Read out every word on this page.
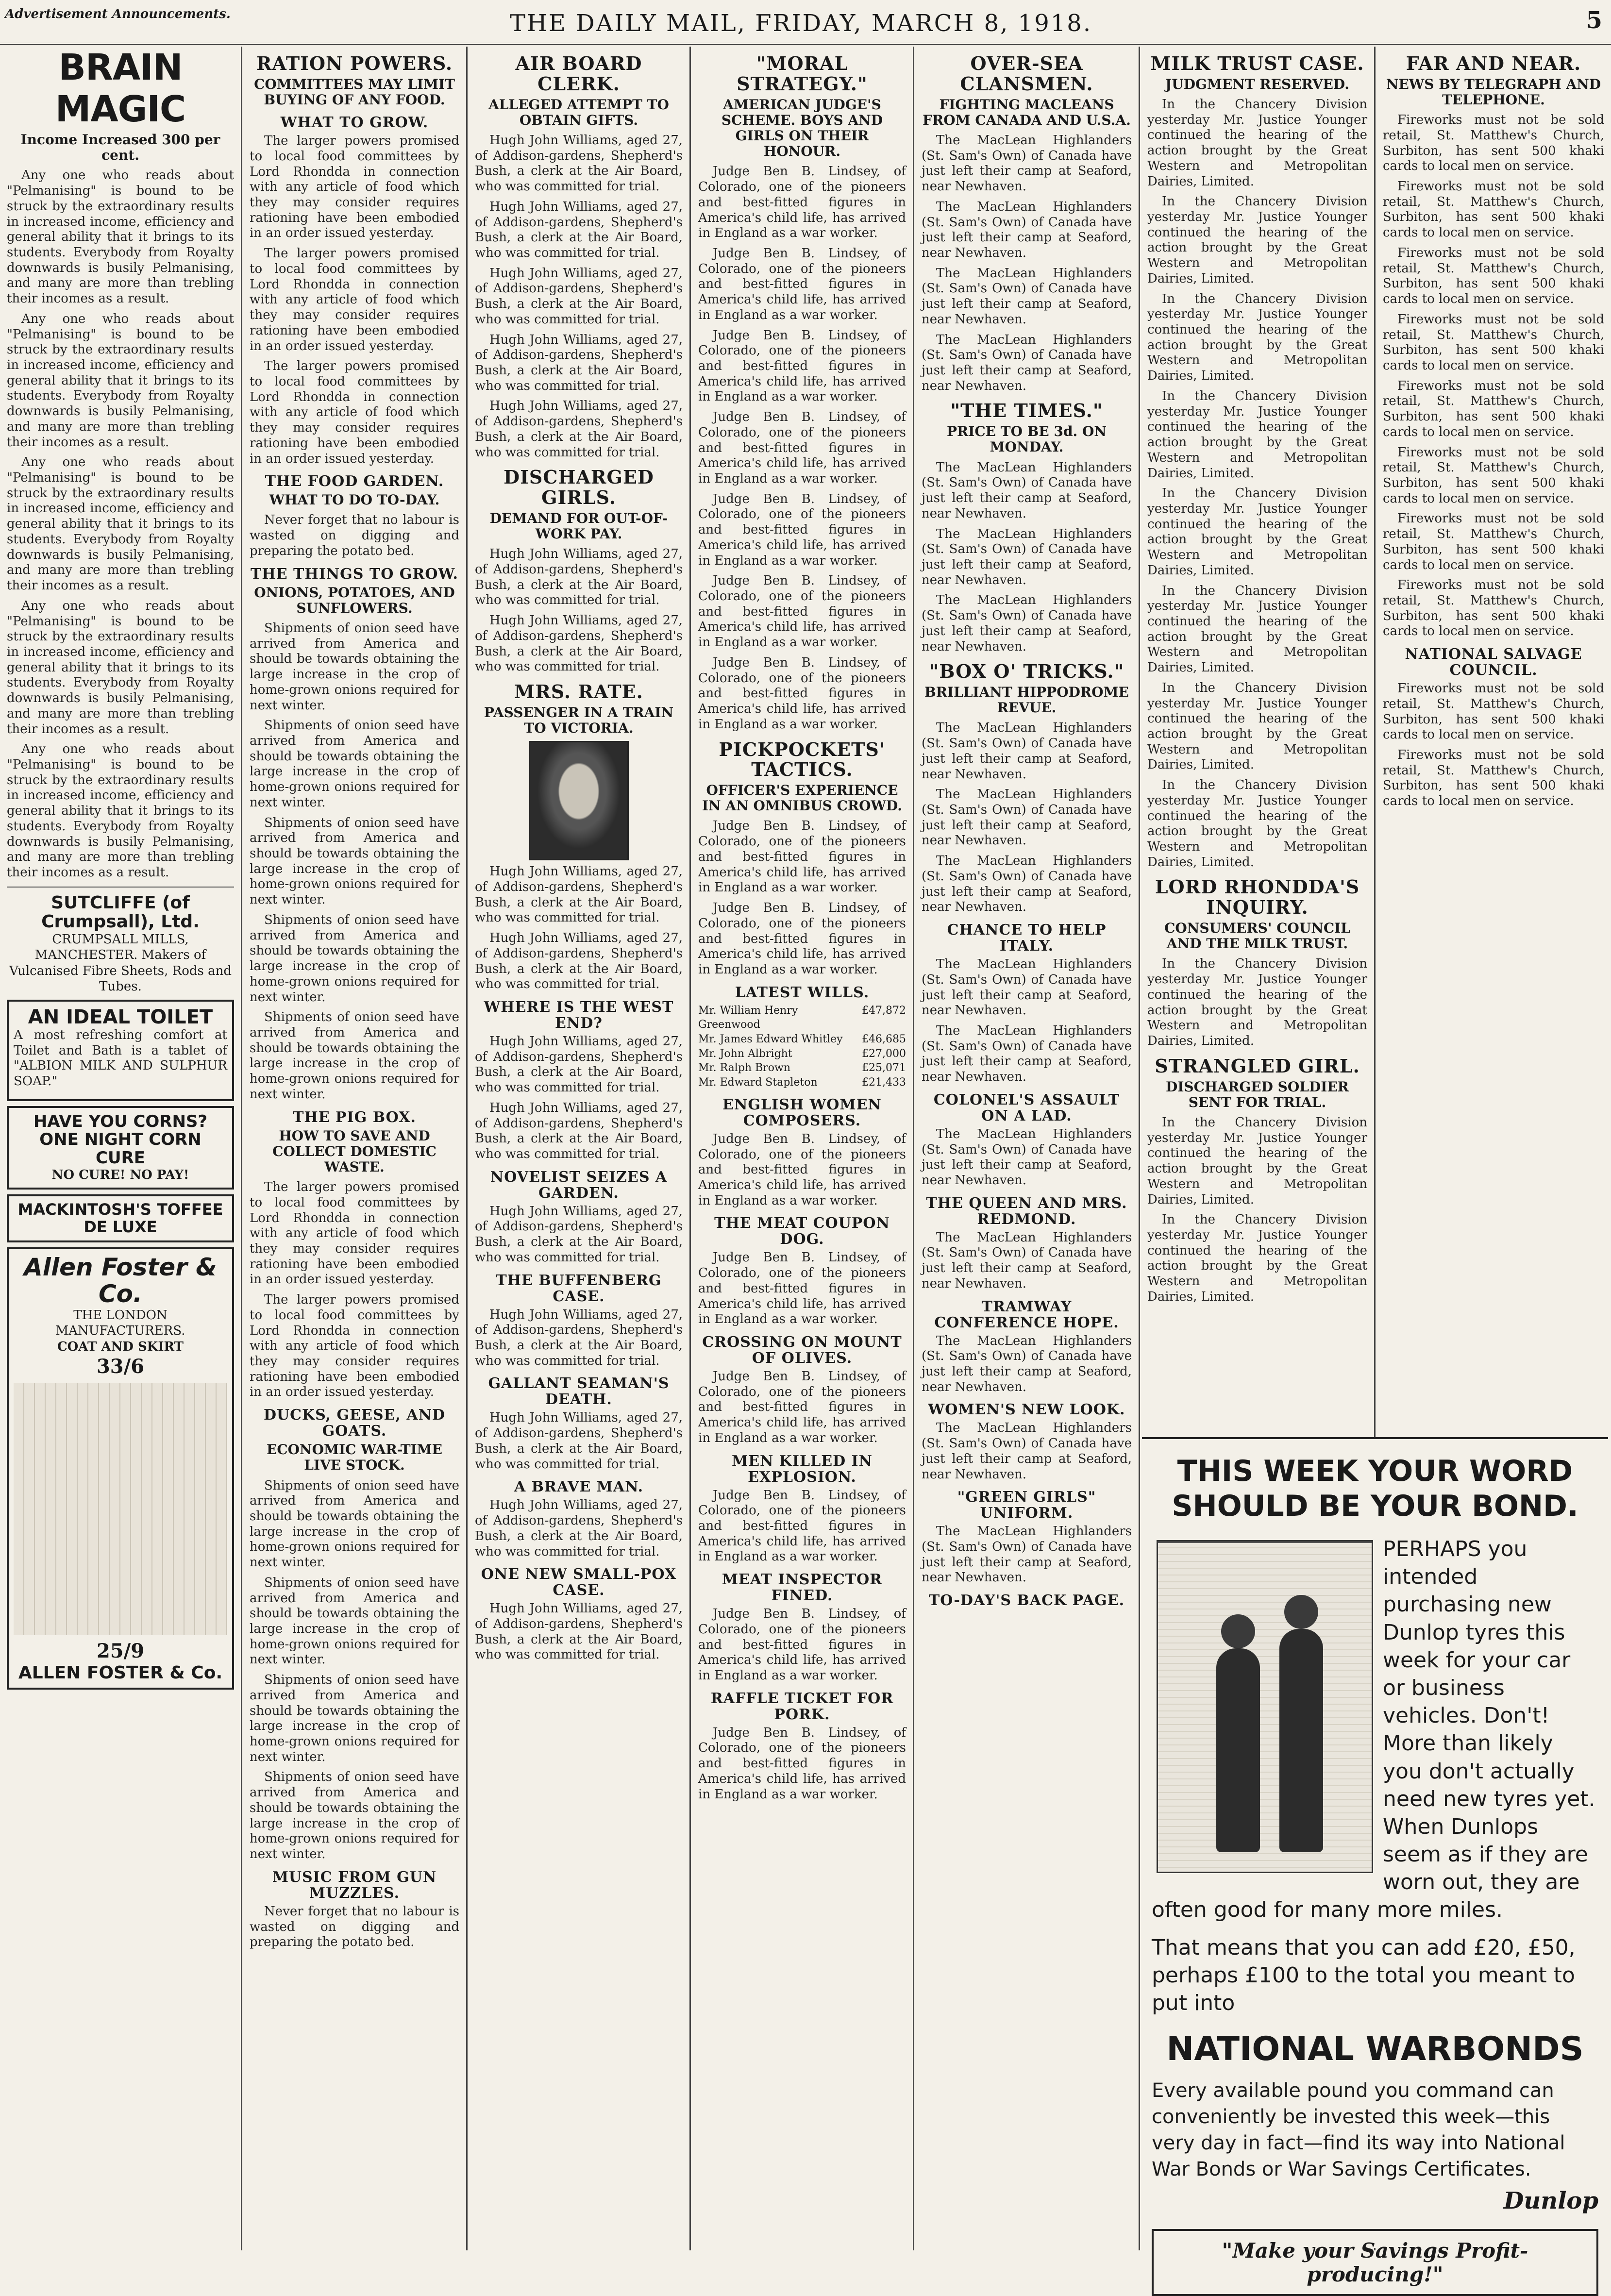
Advertisement Announcements.	THE DAILY MAIL, FRIDAY, MARCH 8, 1918.	5
BRAIN MAGIC
Income Increased 300 per cent.

Any one who reads about "Pelmanising" is bound to be struck by the extraordinary results in increased income, efficiency and general ability that it brings to its students. Everybody from Royalty downwards is busily Pelmanising, and many are more than trebling their incomes as a result.

Any one who reads about "Pelmanising" is bound to be struck by the extraordinary results in increased income, efficiency and general ability that it brings to its students. Everybody from Royalty downwards is busily Pelmanising, and many are more than trebling their incomes as a result.

Any one who reads about "Pelmanising" is bound to be struck by the extraordinary results in increased income, efficiency and general ability that it brings to its students. Everybody from Royalty downwards is busily Pelmanising, and many are more than trebling their incomes as a result.

Any one who reads about "Pelmanising" is bound to be struck by the extraordinary results in increased income, efficiency and general ability that it brings to its students. Everybody from Royalty downwards is busily Pelmanising, and many are more than trebling their incomes as a result.

Any one who reads about "Pelmanising" is bound to be struck by the extraordinary results in increased income, efficiency and general ability that it brings to its students. Everybody from Royalty downwards is busily Pelmanising, and many are more than trebling their incomes as a result.

SUTCLIFFE (of Crumpsall), Ltd.
CRUMPSALL MILLS, MANCHESTER. Makers of Vulcanised Fibre Sheets, Rods and Tubes.
AN IDEAL TOILET

A most refreshing comfort at Toilet and Bath is a tablet of "ALBION MILK AND SULPHUR SOAP."

HAVE YOU CORNS? ONE NIGHT CORN CURE
NO CURE! NO PAY!
MACKINTOSH'S TOFFEE DE LUXE
Allen Foster & Co.
THE LONDON MANUFACTURERS.
COAT AND SKIRT
33/6
25/9
ALLEN FOSTER & Co.
RATION POWERS.
COMMITTEES MAY LIMIT BUYING OF ANY FOOD.
WHAT TO GROW.

The larger powers promised to local food committees by Lord Rhondda in connection with any article of food which they may consider requires rationing have been embodied in an order issued yesterday.

The larger powers promised to local food committees by Lord Rhondda in connection with any article of food which they may consider requires rationing have been embodied in an order issued yesterday.

The larger powers promised to local food committees by Lord Rhondda in connection with any article of food which they may consider requires rationing have been embodied in an order issued yesterday.

THE FOOD GARDEN.
WHAT TO DO TO-DAY.

Never forget that no labour is wasted on digging and preparing the potato bed.

THE THINGS TO GROW.
ONIONS, POTATOES, AND SUNFLOWERS.

Shipments of onion seed have arrived from America and should be towards obtaining the large increase in the crop of home-grown onions required for next winter.

Shipments of onion seed have arrived from America and should be towards obtaining the large increase in the crop of home-grown onions required for next winter.

Shipments of onion seed have arrived from America and should be towards obtaining the large increase in the crop of home-grown onions required for next winter.

Shipments of onion seed have arrived from America and should be towards obtaining the large increase in the crop of home-grown onions required for next winter.

Shipments of onion seed have arrived from America and should be towards obtaining the large increase in the crop of home-grown onions required for next winter.

THE PIG BOX.
HOW TO SAVE AND COLLECT DOMESTIC WASTE.

The larger powers promised to local food committees by Lord Rhondda in connection with any article of food which they may consider requires rationing have been embodied in an order issued yesterday.

The larger powers promised to local food committees by Lord Rhondda in connection with any article of food which they may consider requires rationing have been embodied in an order issued yesterday.

DUCKS, GEESE, AND GOATS.
ECONOMIC WAR-TIME LIVE STOCK.

Shipments of onion seed have arrived from America and should be towards obtaining the large increase in the crop of home-grown onions required for next winter.

Shipments of onion seed have arrived from America and should be towards obtaining the large increase in the crop of home-grown onions required for next winter.

Shipments of onion seed have arrived from America and should be towards obtaining the large increase in the crop of home-grown onions required for next winter.

Shipments of onion seed have arrived from America and should be towards obtaining the large increase in the crop of home-grown onions required for next winter.

MUSIC FROM GUN MUZZLES.

Never forget that no labour is wasted on digging and preparing the potato bed.

AIR BOARD CLERK.
ALLEGED ATTEMPT TO OBTAIN GIFTS.

Hugh John Williams, aged 27, of Addison-gardens, Shepherd's Bush, a clerk at the Air Board, who was committed for trial.

Hugh John Williams, aged 27, of Addison-gardens, Shepherd's Bush, a clerk at the Air Board, who was committed for trial.

Hugh John Williams, aged 27, of Addison-gardens, Shepherd's Bush, a clerk at the Air Board, who was committed for trial.

Hugh John Williams, aged 27, of Addison-gardens, Shepherd's Bush, a clerk at the Air Board, who was committed for trial.

Hugh John Williams, aged 27, of Addison-gardens, Shepherd's Bush, a clerk at the Air Board, who was committed for trial.

DISCHARGED GIRLS.
DEMAND FOR OUT-OF-WORK PAY.

Hugh John Williams, aged 27, of Addison-gardens, Shepherd's Bush, a clerk at the Air Board, who was committed for trial.

Hugh John Williams, aged 27, of Addison-gardens, Shepherd's Bush, a clerk at the Air Board, who was committed for trial.

MRS. RATE.
PASSENGER IN A TRAIN TO VICTORIA.

Hugh John Williams, aged 27, of Addison-gardens, Shepherd's Bush, a clerk at the Air Board, who was committed for trial.

Hugh John Williams, aged 27, of Addison-gardens, Shepherd's Bush, a clerk at the Air Board, who was committed for trial.

WHERE IS THE WEST END?

Hugh John Williams, aged 27, of Addison-gardens, Shepherd's Bush, a clerk at the Air Board, who was committed for trial.

Hugh John Williams, aged 27, of Addison-gardens, Shepherd's Bush, a clerk at the Air Board, who was committed for trial.

NOVELIST SEIZES A GARDEN.

Hugh John Williams, aged 27, of Addison-gardens, Shepherd's Bush, a clerk at the Air Board, who was committed for trial.

THE BUFFENBERG CASE.

Hugh John Williams, aged 27, of Addison-gardens, Shepherd's Bush, a clerk at the Air Board, who was committed for trial.

GALLANT SEAMAN'S DEATH.

Hugh John Williams, aged 27, of Addison-gardens, Shepherd's Bush, a clerk at the Air Board, who was committed for trial.

A BRAVE MAN.

Hugh John Williams, aged 27, of Addison-gardens, Shepherd's Bush, a clerk at the Air Board, who was committed for trial.

ONE NEW SMALL-POX CASE.

Hugh John Williams, aged 27, of Addison-gardens, Shepherd's Bush, a clerk at the Air Board, who was committed for trial.

"MORAL STRATEGY."
AMERICAN JUDGE'S SCHEME. BOYS AND GIRLS ON THEIR HONOUR.

Judge Ben B. Lindsey, of Colorado, one of the pioneers and best-fitted figures in America's child life, has arrived in England as a war worker.

Judge Ben B. Lindsey, of Colorado, one of the pioneers and best-fitted figures in America's child life, has arrived in England as a war worker.

Judge Ben B. Lindsey, of Colorado, one of the pioneers and best-fitted figures in America's child life, has arrived in England as a war worker.

Judge Ben B. Lindsey, of Colorado, one of the pioneers and best-fitted figures in America's child life, has arrived in England as a war worker.

Judge Ben B. Lindsey, of Colorado, one of the pioneers and best-fitted figures in America's child life, has arrived in England as a war worker.

Judge Ben B. Lindsey, of Colorado, one of the pioneers and best-fitted figures in America's child life, has arrived in England as a war worker.

Judge Ben B. Lindsey, of Colorado, one of the pioneers and best-fitted figures in America's child life, has arrived in England as a war worker.

PICKPOCKETS' TACTICS.
OFFICER'S EXPERIENCE IN AN OMNIBUS CROWD.

Judge Ben B. Lindsey, of Colorado, one of the pioneers and best-fitted figures in America's child life, has arrived in England as a war worker.

Judge Ben B. Lindsey, of Colorado, one of the pioneers and best-fitted figures in America's child life, has arrived in England as a war worker.

LATEST WILLS.
Mr. William Henry Greenwood
£47,872
Mr. James Edward Whitley £46,685
Mr. John Albright	£27,000
Mr. Ralph Brown	£25,071
Mr. Edward Stapleton	£21,433
ENGLISH WOMEN COMPOSERS.

Judge Ben B. Lindsey, of Colorado, one of the pioneers and best-fitted figures in America's child life, has arrived in England as a war worker.

THE MEAT COUPON DOG.

Judge Ben B. Lindsey, of Colorado, one of the pioneers and best-fitted figures in America's child life, has arrived in England as a war worker.

CROSSING ON MOUNT OF OLIVES.

Judge Ben B. Lindsey, of Colorado, one of the pioneers and best-fitted figures in America's child life, has arrived in England as a war worker.

MEN KILLED IN EXPLOSION.

Judge Ben B. Lindsey, of Colorado, one of the pioneers and best-fitted figures in America's child life, has arrived in England as a war worker.

MEAT INSPECTOR FINED.

Judge Ben B. Lindsey, of Colorado, one of the pioneers and best-fitted figures in America's child life, has arrived in England as a war worker.

RAFFLE TICKET FOR PORK.

Judge Ben B. Lindsey, of Colorado, one of the pioneers and best-fitted figures in America's child life, has arrived in England as a war worker.

OVER-SEA CLANSMEN.
FIGHTING MACLEANS FROM CANADA AND U.S.A.

The MacLean Highlanders (St. Sam's Own) of Canada have just left their camp at Seaford, near Newhaven.

The MacLean Highlanders (St. Sam's Own) of Canada have just left their camp at Seaford, near Newhaven.

The MacLean Highlanders (St. Sam's Own) of Canada have just left their camp at Seaford, near Newhaven.

The MacLean Highlanders (St. Sam's Own) of Canada have just left their camp at Seaford, near Newhaven.

"THE TIMES."
PRICE TO BE 3d. ON MONDAY.

The MacLean Highlanders (St. Sam's Own) of Canada have just left their camp at Seaford, near Newhaven.

The MacLean Highlanders (St. Sam's Own) of Canada have just left their camp at Seaford, near Newhaven.

The MacLean Highlanders (St. Sam's Own) of Canada have just left their camp at Seaford, near Newhaven.

"BOX O' TRICKS."
BRILLIANT HIPPODROME REVUE.

The MacLean Highlanders (St. Sam's Own) of Canada have just left their camp at Seaford, near Newhaven.

The MacLean Highlanders (St. Sam's Own) of Canada have just left their camp at Seaford, near Newhaven.

The MacLean Highlanders (St. Sam's Own) of Canada have just left their camp at Seaford, near Newhaven.

CHANCE TO HELP ITALY.

The MacLean Highlanders (St. Sam's Own) of Canada have just left their camp at Seaford, near Newhaven.

The MacLean Highlanders (St. Sam's Own) of Canada have just left their camp at Seaford, near Newhaven.

COLONEL'S ASSAULT ON A LAD.

The MacLean Highlanders (St. Sam's Own) of Canada have just left their camp at Seaford, near Newhaven.

THE QUEEN AND MRS. REDMOND.

The MacLean Highlanders (St. Sam's Own) of Canada have just left their camp at Seaford, near Newhaven.

TRAMWAY CONFERENCE HOPE.

The MacLean Highlanders (St. Sam's Own) of Canada have just left their camp at Seaford, near Newhaven.

WOMEN'S NEW LOOK.

The MacLean Highlanders (St. Sam's Own) of Canada have just left their camp at Seaford, near Newhaven.

"GREEN GIRLS" UNIFORM.

The MacLean Highlanders (St. Sam's Own) of Canada have just left their camp at Seaford, near Newhaven.

TO-DAY'S BACK PAGE.
MILK TRUST CASE.
JUDGMENT RESERVED.

In the Chancery Division yesterday Mr. Justice Younger continued the hearing of the action brought by the Great Western and Metropolitan Dairies, Limited.

In the Chancery Division yesterday Mr. Justice Younger continued the hearing of the action brought by the Great Western and Metropolitan Dairies, Limited.

In the Chancery Division yesterday Mr. Justice Younger continued the hearing of the action brought by the Great Western and Metropolitan Dairies, Limited.

In the Chancery Division yesterday Mr. Justice Younger continued the hearing of the action brought by the Great Western and Metropolitan Dairies, Limited.

In the Chancery Division yesterday Mr. Justice Younger continued the hearing of the action brought by the Great Western and Metropolitan Dairies, Limited.

In the Chancery Division yesterday Mr. Justice Younger continued the hearing of the action brought by the Great Western and Metropolitan Dairies, Limited.

In the Chancery Division yesterday Mr. Justice Younger continued the hearing of the action brought by the Great Western and Metropolitan Dairies, Limited.

In the Chancery Division yesterday Mr. Justice Younger continued the hearing of the action brought by the Great Western and Metropolitan Dairies, Limited.

LORD RHONDDA'S INQUIRY.
CONSUMERS' COUNCIL AND THE MILK TRUST.

In the Chancery Division yesterday Mr. Justice Younger continued the hearing of the action brought by the Great Western and Metropolitan Dairies, Limited.

STRANGLED GIRL.
DISCHARGED SOLDIER SENT FOR TRIAL.

In the Chancery Division yesterday Mr. Justice Younger continued the hearing of the action brought by the Great Western and Metropolitan Dairies, Limited.

In the Chancery Division yesterday Mr. Justice Younger continued the hearing of the action brought by the Great Western and Metropolitan Dairies, Limited.

FAR AND NEAR.
NEWS BY TELEGRAPH AND TELEPHONE.

Fireworks must not be sold retail, St. Matthew's Church, Surbiton, has sent 500 khaki cards to local men on service.

Fireworks must not be sold retail, St. Matthew's Church, Surbiton, has sent 500 khaki cards to local men on service.

Fireworks must not be sold retail, St. Matthew's Church, Surbiton, has sent 500 khaki cards to local men on service.

Fireworks must not be sold retail, St. Matthew's Church, Surbiton, has sent 500 khaki cards to local men on service.

Fireworks must not be sold retail, St. Matthew's Church, Surbiton, has sent 500 khaki cards to local men on service.

Fireworks must not be sold retail, St. Matthew's Church, Surbiton, has sent 500 khaki cards to local men on service.

Fireworks must not be sold retail, St. Matthew's Church, Surbiton, has sent 500 khaki cards to local men on service.

Fireworks must not be sold retail, St. Matthew's Church, Surbiton, has sent 500 khaki cards to local men on service.

NATIONAL SALVAGE COUNCIL.

Fireworks must not be sold retail, St. Matthew's Church, Surbiton, has sent 500 khaki cards to local men on service.

Fireworks must not be sold retail, St. Matthew's Church, Surbiton, has sent 500 khaki cards to local men on service.

THIS WEEK YOUR WORD SHOULD BE YOUR BOND.
PERHAPS you intended purchasing new Dunlop tyres this week for your car or business vehicles. Don't! More than likely you don't actually need new tyres yet. When Dunlops seem as if they are worn out, they are often good for many more miles.
That means that you can add £20, £50, perhaps £100 to the total you meant to put into
NATIONAL WARBONDS
Every available pound you command can conveniently be invested this week—this very day in fact—find its way into National War Bonds or War Savings Certificates.
Dunlop
"Make your Savings Profit-producing!"
